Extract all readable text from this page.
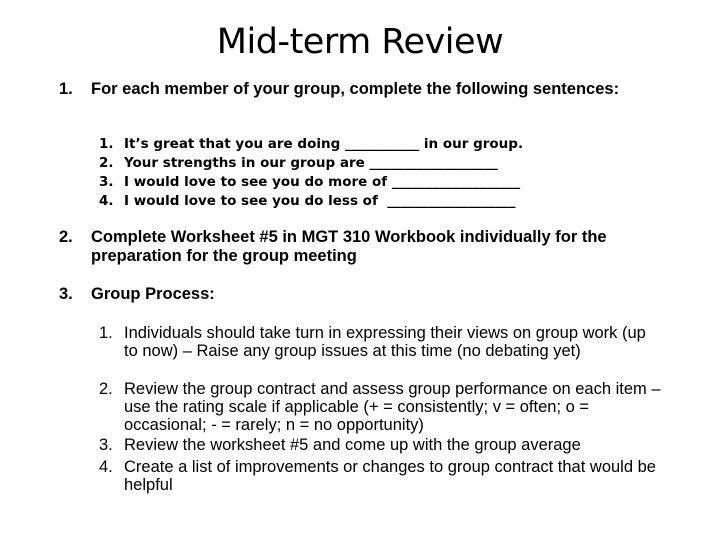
Mid-term Review
1. For each member of your group, complete the following sentences:
1. It’s great that you are doing ___________ in our group.
2. Your strengths in our group are ___________________
3. I would love to see you do more of ___________________
4. I would love to see you do less of  ___________________
2. Complete Worksheet #5 in MGT 310 Workbook individually for the preparation for the group meeting
3. Group Process:
1. Individuals should take turn in expressing their views on group work (up to now) – Raise any group issues at this time (no debating yet)
2. Review the group contract and assess group performance on each item – use the rating scale if applicable (+ = consistently; v = often; o = occasional; - = rarely; n = no opportunity)
3. Review the worksheet #5 and come up with the group average
4. Create a list of improvements or changes to group contract that would be helpful
